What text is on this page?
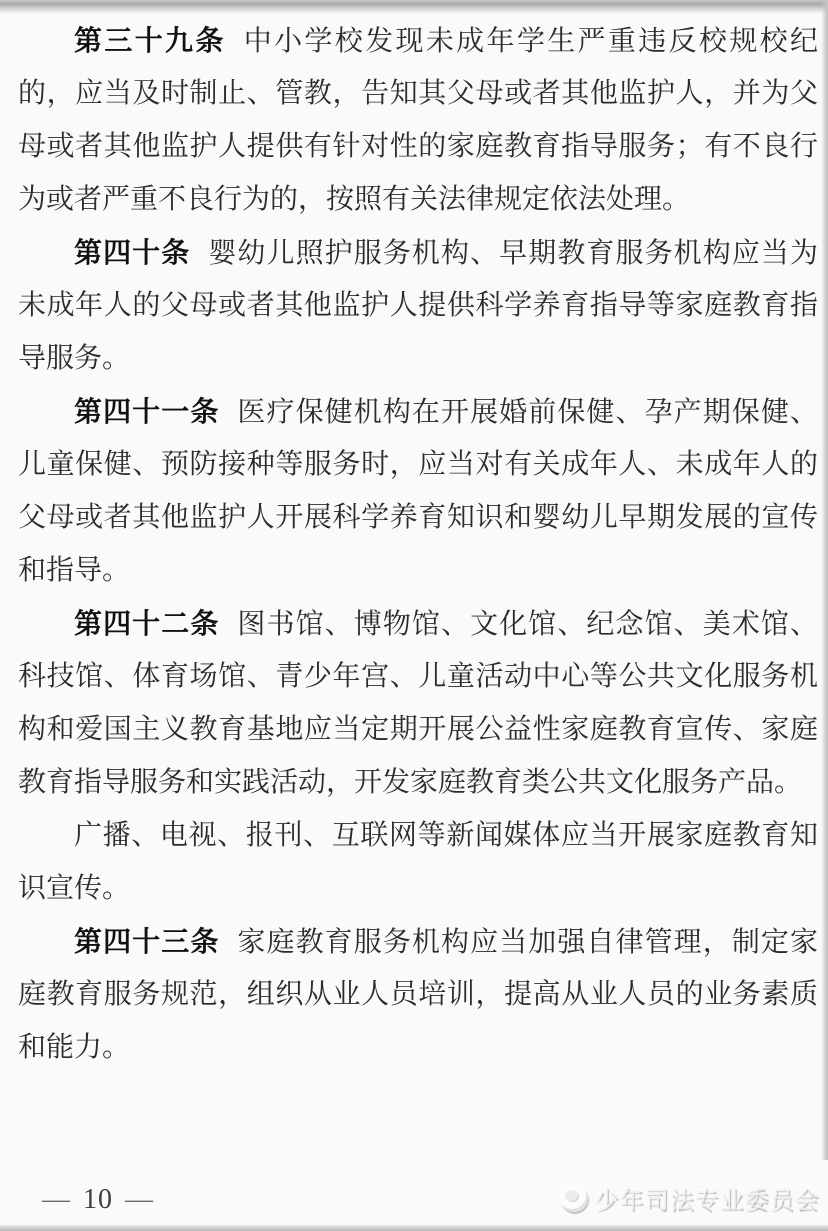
第三十九条 中小学校发现未成年学生严重违反校规校纪
的，应当及时制止、管教，告知其父母或者其他监护人，并为父
母或者其他监护人提供有针对性的家庭教育指导服务；有不良行
为或者严重不良行为的，按照有关法律规定依法处理。
第四十条 婴幼儿照护服务机构、早期教育服务机构应当为
未成年人的父母或者其他监护人提供科学养育指导等家庭教育指
导服务。
第四十一条 医疗保健机构在开展婚前保健、孕产期保健、
儿童保健、预防接种等服务时，应当对有关成年人、未成年人的
父母或者其他监护人开展科学养育知识和婴幼儿早期发展的宣传
和指导。
第四十二条 图书馆、博物馆、文化馆、纪念馆、美术馆、
科技馆、体育场馆、青少年宫、儿童活动中心等公共文化服务机
构和爱国主义教育基地应当定期开展公益性家庭教育宣传、家庭
教育指导服务和实践活动，开发家庭教育类公共文化服务产品。
广播、电视、报刊、互联网等新闻媒体应当开展家庭教育知
识宣传。
第四十三条 家庭教育服务机构应当加强自律管理，制定家
庭教育服务规范，组织从业人员培训，提高从业人员的业务素质
和能力。
— 10 —	少年司法专业委员会
